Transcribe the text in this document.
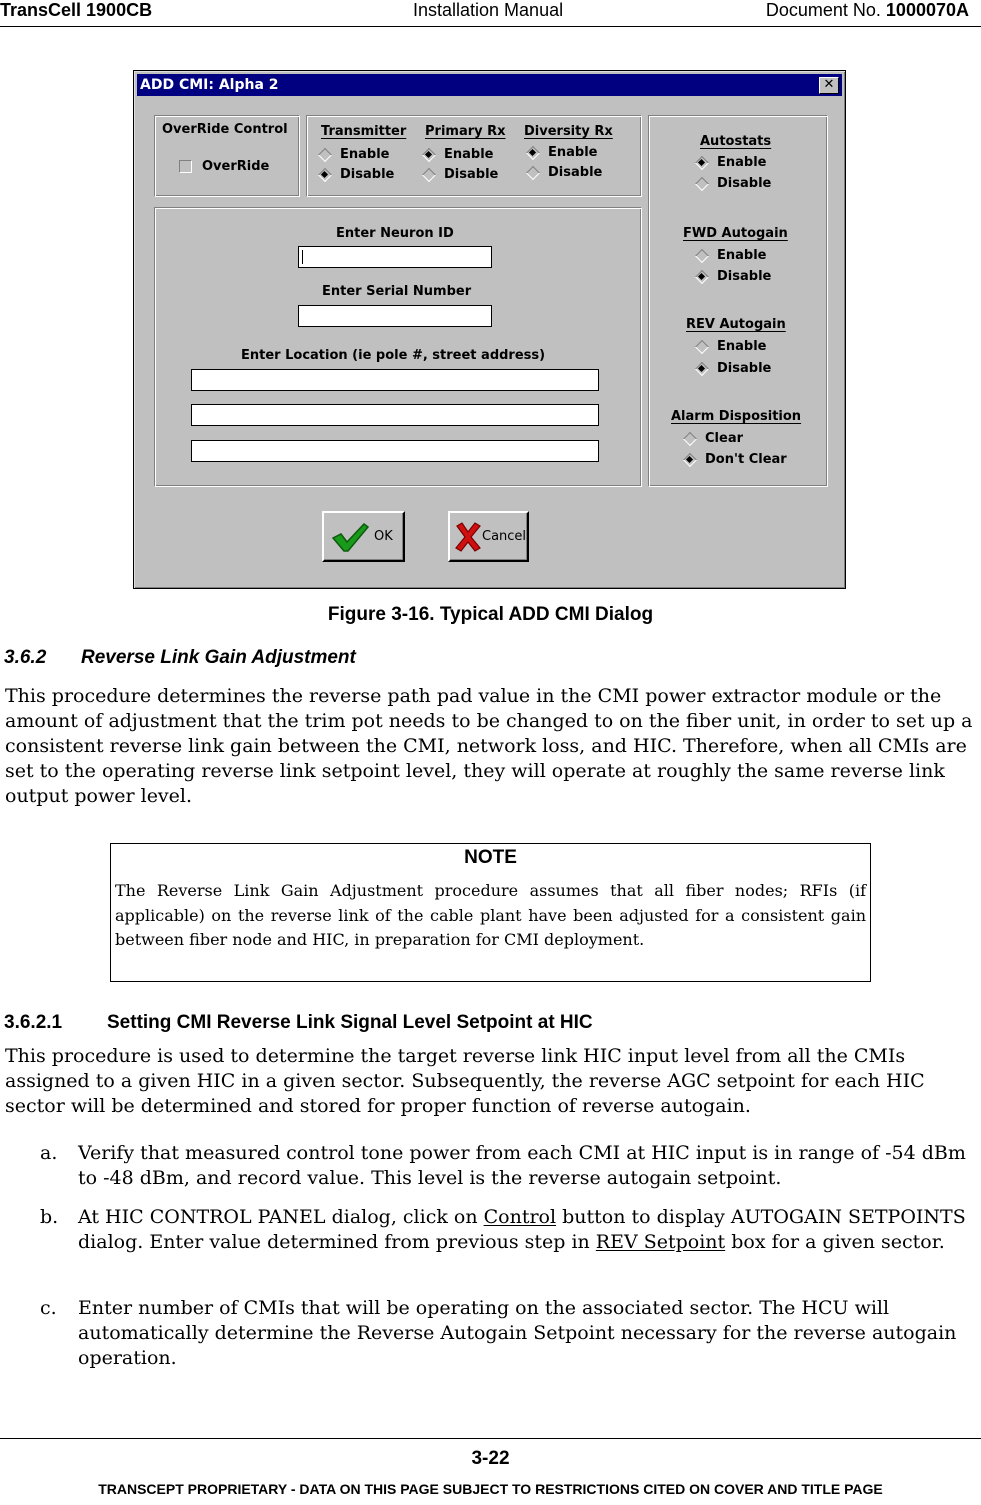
TransCell 1900CB	Installation Manual	Document No. 1000070A
ADD CMI: Alpha 2	✕
OverRide Control
OverRide
Transmitter
Enable
Disable
Primary Rx
Enable
Disable
Diversity Rx
Enable
Disable
Enter Neuron ID
Enter Serial Number
Enter Location (ie pole #, street address)
Autostats
Enable
Disable
FWD Autogain
Enable
Disable
REV Autogain
Enable
Disable
Alarm Disposition
Clear
Don't Clear
OK	Cancel
Figure 3-16. Typical ADD CMI Dialog
3.6.2 Reverse Link Gain Adjustment
This procedure determines the reverse path pad value in the CMI power extractor module or the amount of adjustment that the trim pot needs to be changed to on the fiber unit, in order to set up a consistent reverse link gain between the CMI, network loss, and HIC. Therefore, when all CMIs are set to the operating reverse link setpoint level, they will operate at roughly the same reverse link output power level.
NOTE
The Reverse Link Gain Adjustment procedure assumes that all fiber nodes; RFIs (if applicable) on the reverse link of the cable plant have been adjusted for a consistent gain between fiber node and HIC, in preparation for CMI deployment.
3.6.2.1 Setting CMI Reverse Link Signal Level Setpoint at HIC
This procedure is used to determine the target reverse link HIC input level from all the CMIs assigned to a given HIC in a given sector. Subsequently, the reverse AGC setpoint for each HIC sector will be determined and stored for proper function of reverse autogain.
a. Verify that measured control tone power from each CMI at HIC input is in range of -54 dBm to -48 dBm, and record value. This level is the reverse autogain setpoint.
b. At HIC CONTROL PANEL dialog, click on Control button to display AUTOGAIN SETPOINTS dialog. Enter value determined from previous step in REV Setpoint box for a given sector.
c. Enter number of CMIs that will be operating on the associated sector. The HCU will automatically determine the Reverse Autogain Setpoint necessary for the reverse autogain operation.
3-22
TRANSCEPT PROPRIETARY - DATA ON THIS PAGE SUBJECT TO RESTRICTIONS CITED ON COVER AND TITLE PAGE
